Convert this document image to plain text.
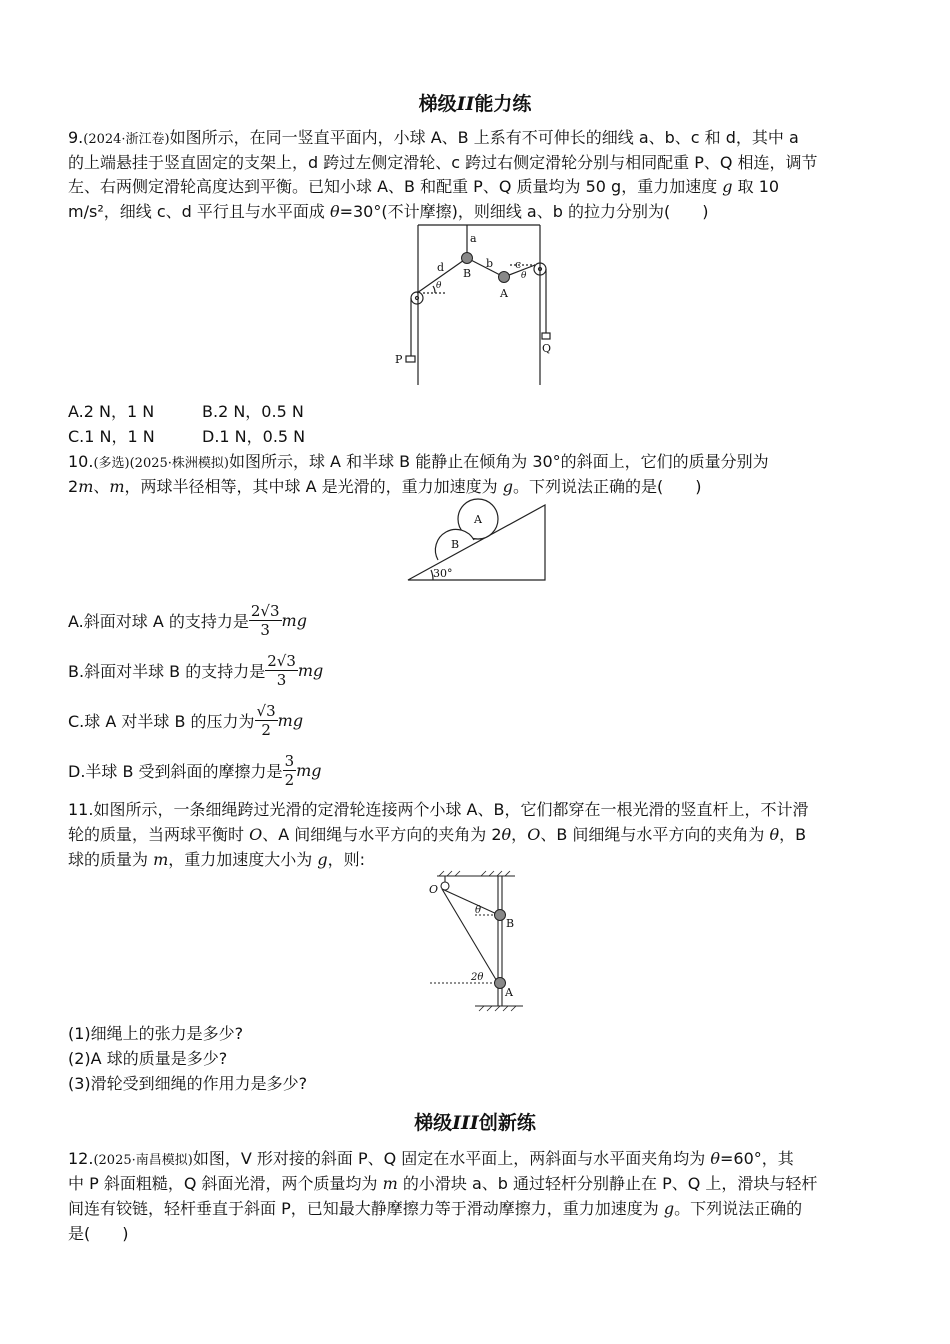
梯级II能力练
9.(2024·浙江卷)如图所示，在同一竖直平面内，小球 A、B 上系有不可伸长的细线 a、b、c 和 d，其中 a
的上端悬挂于竖直固定的支架上，d 跨过左侧定滑轮、c 跨过右侧定滑轮分别与相同配重 P、Q 相连，调节
左、右两侧定滑轮高度达到平衡。已知小球 A、B 和配重 P、Q 质量均为 50 g，重力加速度 g 取 10
m/s²，细线 c、d 平行且与水平面成 θ=30°(不计摩擦)，则细线 a、b 的拉力分别为(　　)
a
b c
d B
A
P
Q
θ
θ
A.2 N，1 N	B.2 N，0.5 N
C.1 N，1 N	D.1 N，0.5 N
10.(多选)(2025·株洲模拟)如图所示，球 A 和半球 B 能静止在倾角为 30°的斜面上，它们的质量分别为
2m、m，两球半径相等，其中球 A 是光滑的，重力加速度为 g。下列说法正确的是(　　)
A
B
30°
A.斜面对球 A 的支持力是 $\frac{2√3}{3}$ mg
B.斜面对半球 B 的支持力是 $\frac{2√3}{3}$ mg
C.球 A 对半球 B 的压力为 $\frac{√3}{2}$ mg
D.半球 B 受到斜面的摩擦力是 $\frac{3}{2}$ mg
11.如图所示，一条细绳跨过光滑的定滑轮连接两个小球 A、B，它们都穿在一根光滑的竖直杆上，不计滑
轮的质量，当两球平衡时 O、A 间细绳与水平方向的夹角为 2θ，O、B 间细绳与水平方向的夹角为 θ，B
球的质量为 m，重力加速度大小为 g，则:
O
B
A
θ
2θ
(1)细绳上的张力是多少?
(2)A 球的质量是多少?
(3)滑轮受到细绳的作用力是多少?
梯级III创新练
12.(2025·南昌模拟)如图，V 形对接的斜面 P、Q 固定在水平面上，两斜面与水平面夹角均为 θ=60°，其
中 P 斜面粗糙，Q 斜面光滑，两个质量均为 m 的小滑块 a、b 通过轻杆分别静止在 P、Q 上，滑块与轻杆
间连有铰链，轻杆垂直于斜面 P，已知最大静摩擦力等于滑动摩擦力，重力加速度为 g。下列说法正确的
是(　　)
